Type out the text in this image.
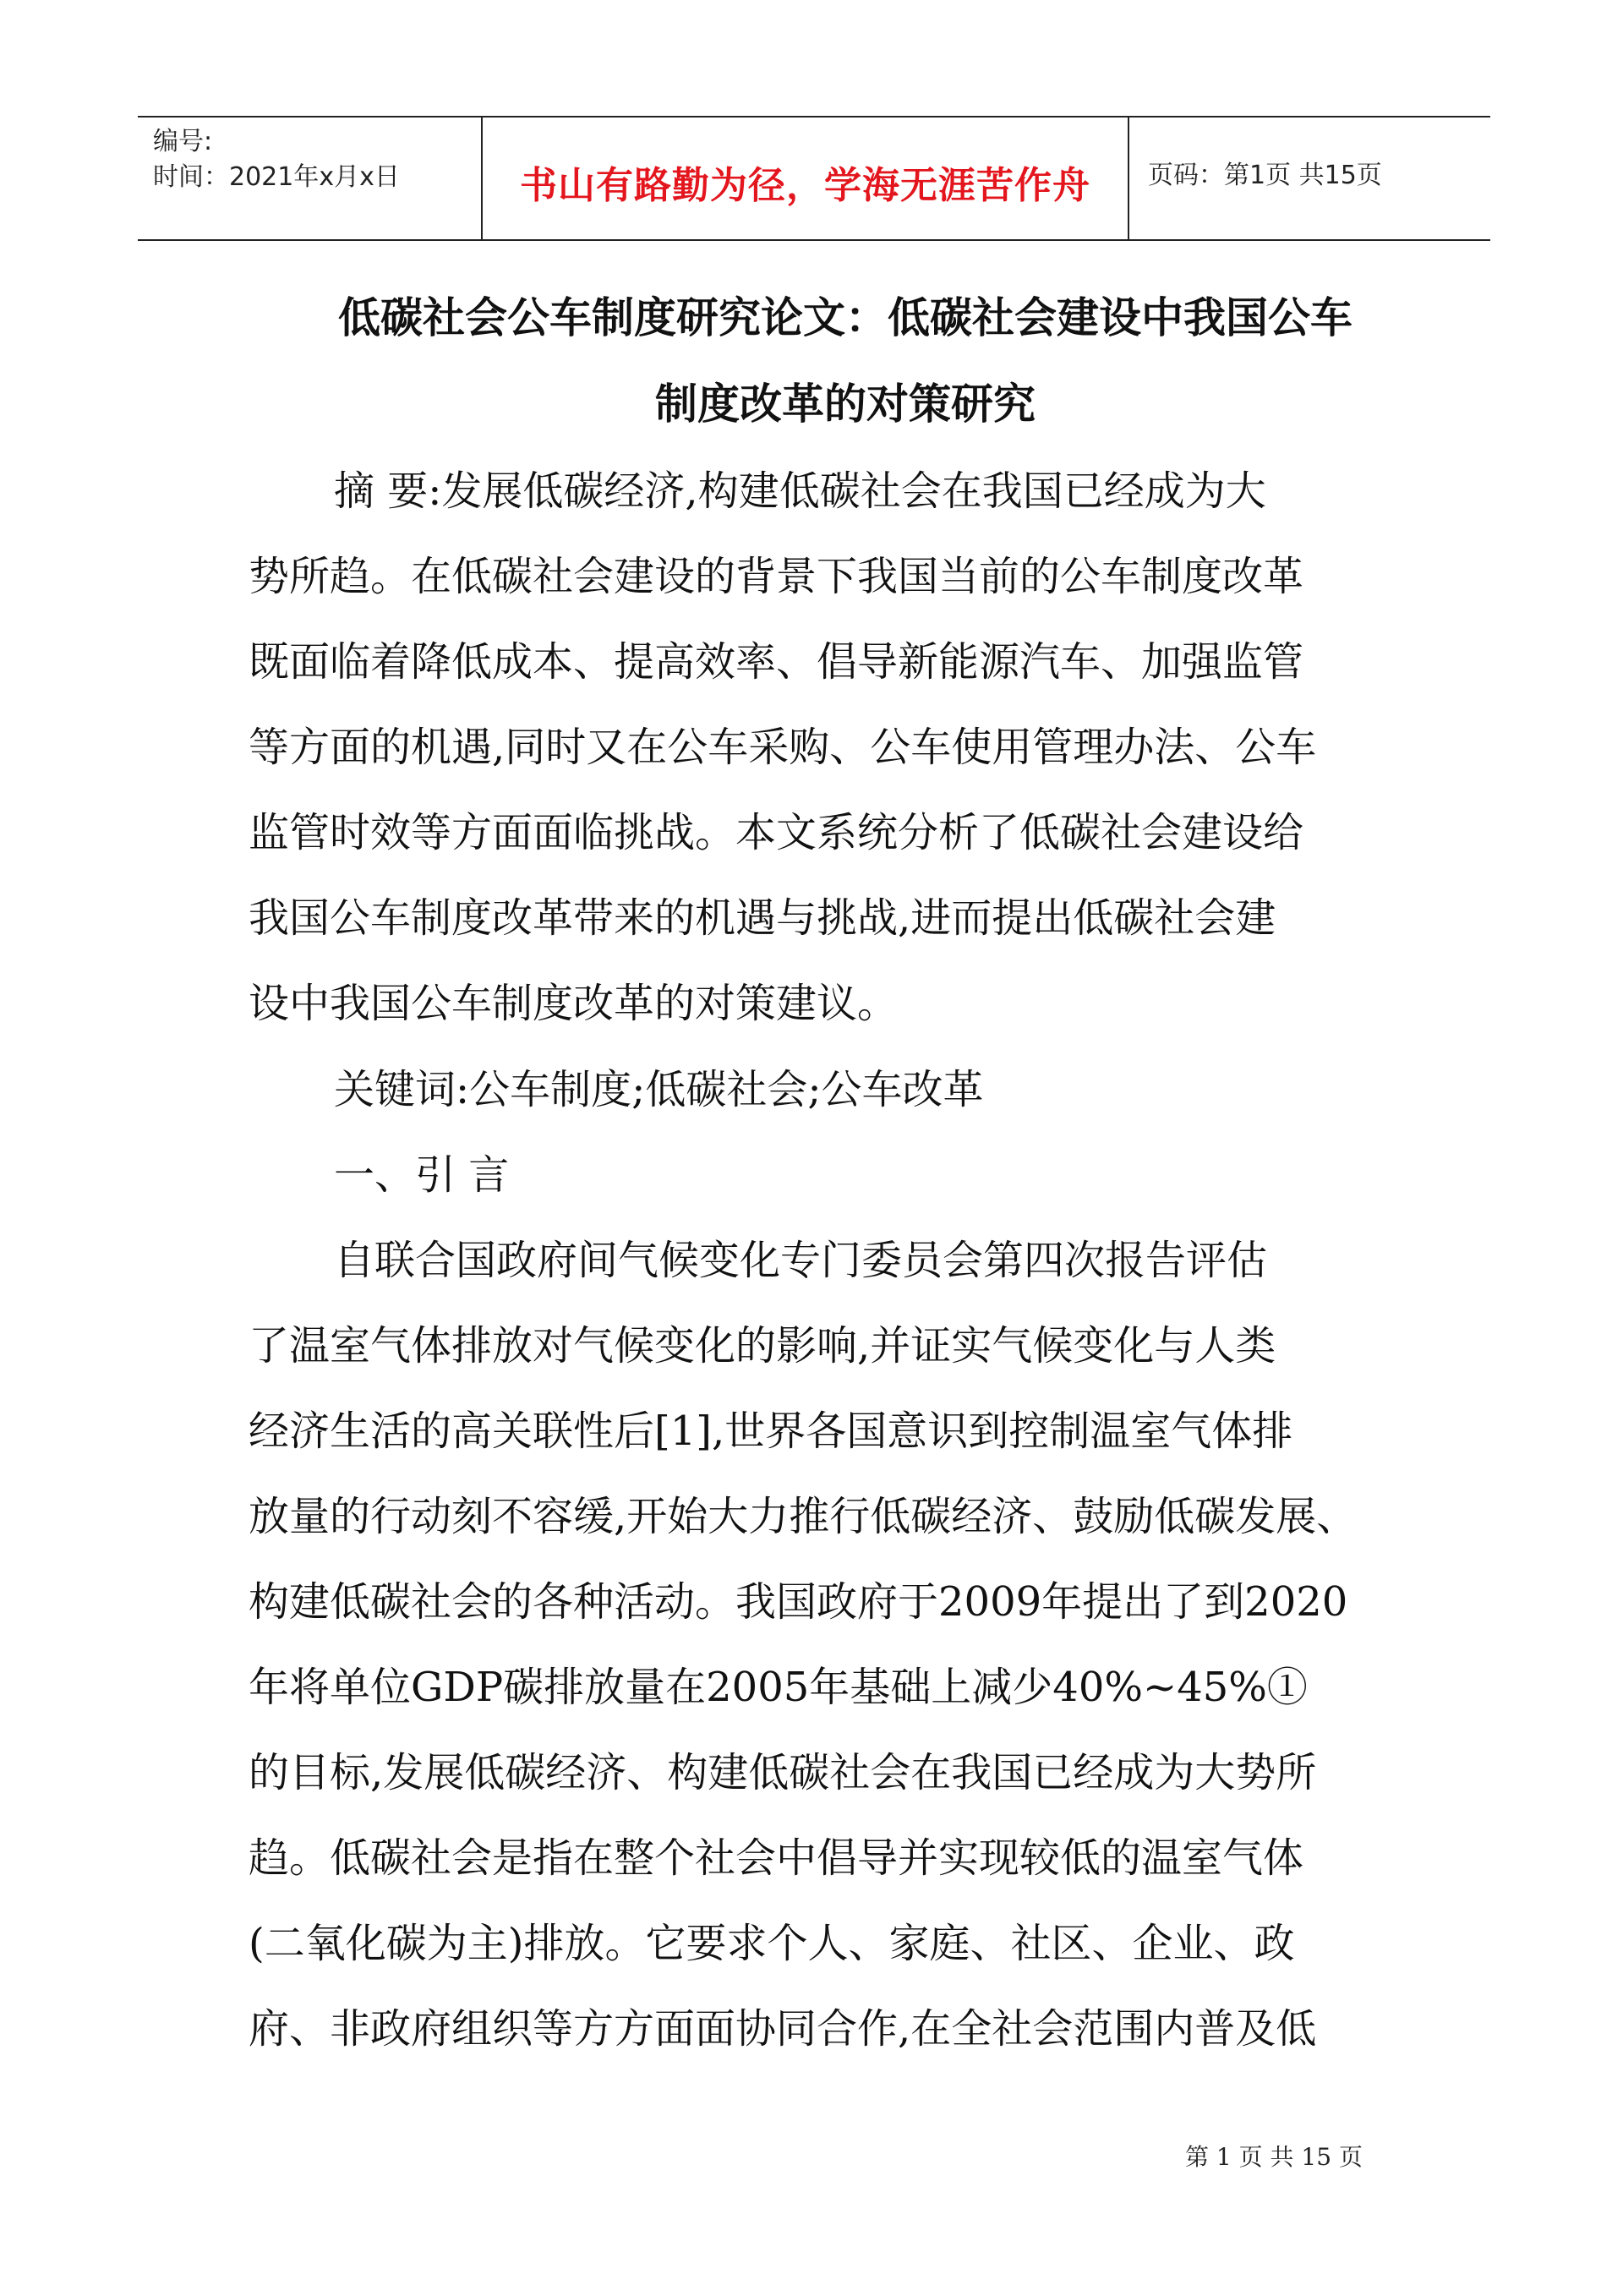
编号:
时间：2021年x月x日	书山有路勤为径，学海无涯苦作舟	页码：第1页 共15页
低碳社会公车制度研究论文：低碳社会建设中我国公车
制度改革的对策研究
摘 要:发展低碳经济,构建低碳社会在我国已经成为大
势所趋。在低碳社会建设的背景下我国当前的公车制度改革
既面临着降低成本、提高效率、倡导新能源汽车、加强监管
等方面的机遇,同时又在公车采购、公车使用管理办法、公车
监管时效等方面面临挑战。本文系统分析了低碳社会建设给
我国公车制度改革带来的机遇与挑战,进而提出低碳社会建
设中我国公车制度改革的对策建议。
关键词:公车制度;低碳社会;公车改革
一、引 言
自联合国政府间气候变化专门委员会第四次报告评估
了温室气体排放对气候变化的影响,并证实气候变化与人类
经济生活的高关联性后[1],世界各国意识到控制温室气体排
放量的行动刻不容缓,开始大力推行低碳经济、鼓励低碳发展、
构建低碳社会的各种活动。我国政府于2009年提出了到2020
年将单位GDP碳排放量在2005年基础上减少40%~45%①
的目标,发展低碳经济、构建低碳社会在我国已经成为大势所
趋。低碳社会是指在整个社会中倡导并实现较低的温室气体
(二氧化碳为主)排放。它要求个人、家庭、社区、企业、政
府、非政府组织等方方面面协同合作,在全社会范围内普及低
第 1 页 共 15 页
